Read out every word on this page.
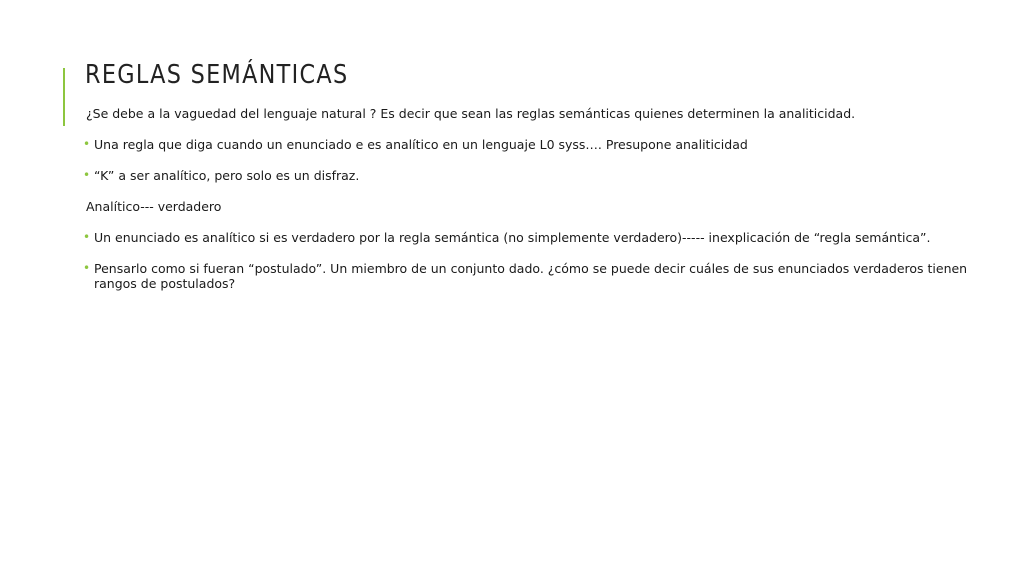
REGLAS SEMÁNTICAS

¿Se debe a la vaguedad del lenguaje natural ? Es decir que sean las reglas semánticas quienes determinen la analiticidad.

• Una regla que diga cuando un enunciado e es analítico en un lenguaje L0 syss…. Presupone analiticidad

• “K” a ser analítico, pero solo es un disfraz.

Analítico--- verdadero

• Un enunciado es analítico si es verdadero por la regla semántica (no simplemente verdadero)----- inexplicación de “regla semántica”.

• Pensarlo como si fueran “postulado”. Un miembro de un conjunto dado. ¿cómo se puede decir cuáles de sus enunciados verdaderos tienen rangos de postulados?
